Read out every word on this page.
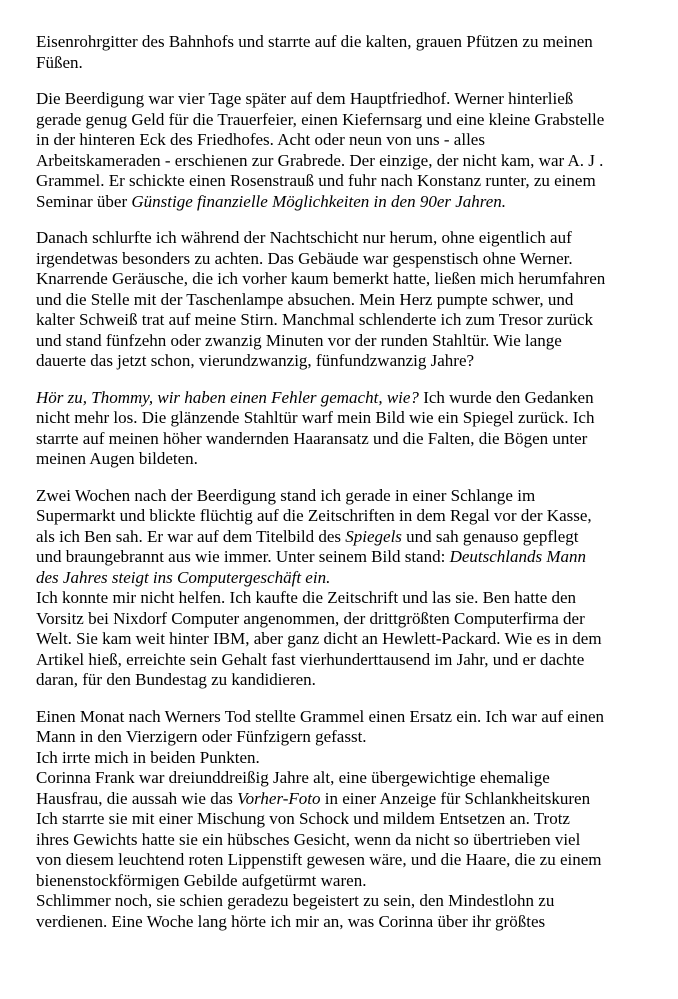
Eisenrohrgitter des Bahnhofs und starrte auf die kalten, grauen Pfützen zu meinen
Füßen.

Die Beerdigung war vier Tage später auf dem Hauptfriedhof. Werner hinterließ
gerade genug Geld für die Trauerfeier, einen Kiefernsarg und eine kleine Grabstelle
in der hinteren Eck des Friedhofes. Acht oder neun von uns - alles
Arbeitskameraden - erschienen zur Grabrede. Der einzige, der nicht kam, war A. J .
Grammel. Er schickte einen Rosenstrauß und fuhr nach Konstanz runter, zu einem
Seminar über Günstige finanzielle Möglichkeiten in den 90er Jahren.

Danach schlurfte ich während der Nachtschicht nur herum, ohne eigentlich auf
irgendetwas besonders zu achten. Das Gebäude war gespenstisch ohne Werner.
Knarrende Geräusche, die ich vorher kaum bemerkt hatte, ließen mich herumfahren
und die Stelle mit der Taschenlampe absuchen. Mein Herz pumpte schwer, und
kalter Schweiß trat auf meine Stirn. Manchmal schlenderte ich zum Tresor zurück
und stand fünfzehn oder zwanzig Minuten vor der runden Stahltür. Wie lange
dauerte das jetzt schon, vierundzwanzig, fünfundzwanzig Jahre?

Hör zu, Thommy, wir haben einen Fehler gemacht, wie? Ich wurde den Gedanken
nicht mehr los. Die glänzende Stahltür warf mein Bild wie ein Spiegel zurück. Ich
starrte auf meinen höher wandernden Haaransatz und die Falten, die Bögen unter
meinen Augen bildeten.

Zwei Wochen nach der Beerdigung stand ich gerade in einer Schlange im
Supermarkt und blickte flüchtig auf die Zeitschriften in dem Regal vor der Kasse,
als ich Ben sah. Er war auf dem Titelbild des Spiegels und sah genauso gepflegt
und braungebrannt aus wie immer. Unter seinem Bild stand: Deutschlands Mann
des Jahres steigt ins Computergeschäft ein.
Ich konnte mir nicht helfen. Ich kaufte die Zeitschrift und las sie. Ben hatte den
Vorsitz bei Nixdorf Computer angenommen, der drittgrößten Computerfirma der
Welt. Sie kam weit hinter IBM, aber ganz dicht an Hewlett-Packard. Wie es in dem
Artikel hieß, erreichte sein Gehalt fast vierhunderttausend im Jahr, und er dachte
daran, für den Bundestag zu kandidieren.

Einen Monat nach Werners Tod stellte Grammel einen Ersatz ein. Ich war auf einen
Mann in den Vierzigern oder Fünfzigern gefasst.
Ich irrte mich in beiden Punkten.
Corinna Frank war dreiunddreißig Jahre alt, eine übergewichtige ehemalige
Hausfrau, die aussah wie das Vorher-Foto in einer Anzeige für Schlankheitskuren
Ich starrte sie mit einer Mischung von Schock und mildem Entsetzen an. Trotz
ihres Gewichts hatte sie ein hübsches Gesicht, wenn da nicht so übertrieben viel
von diesem leuchtend roten Lippenstift gewesen wäre, und die Haare, die zu einem
bienenstockförmigen Gebilde aufgetürmt waren.
Schlimmer noch, sie schien geradezu begeistert zu sein, den Mindestlohn zu
verdienen. Eine Woche lang hörte ich mir an, was Corinna über ihr größtes
